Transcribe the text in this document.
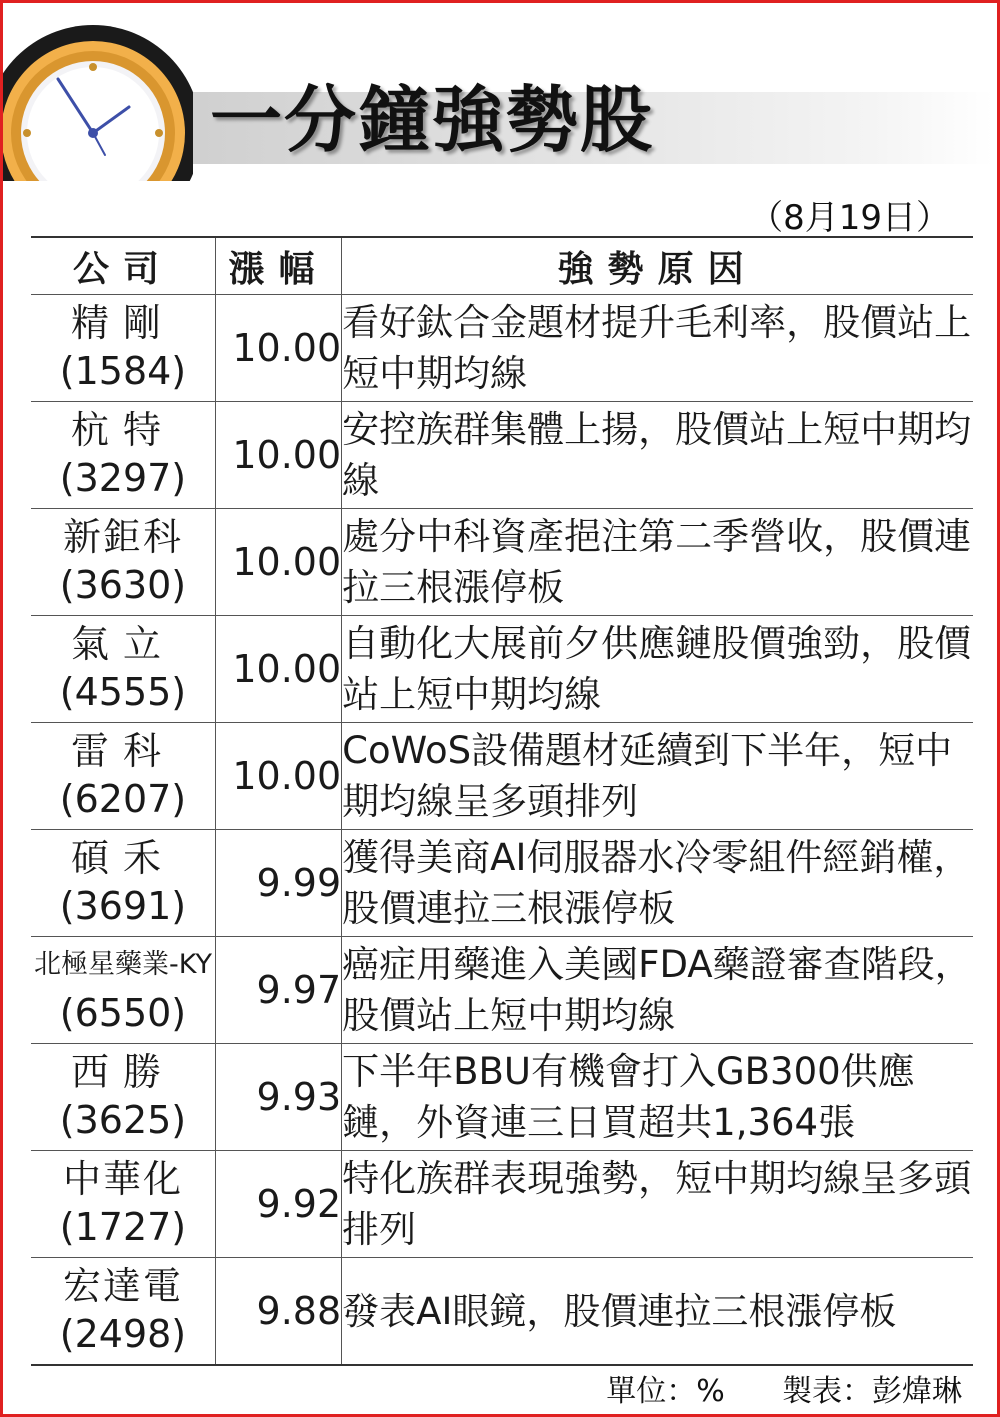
一分鐘強勢股
（8月19日）
公司	漲幅	強勢原因

精剛
(1584)	10.00	看好鈦合金題材提升毛利率，股價站上短中期均線

杭特
(3297)	10.00	安控族群集體上揚，股價站上短中期均線

新鉅科
(3630)	10.00	處分中科資產挹注第二季營收，股價連拉三根漲停板

氣立
(4555)	10.00	自動化大展前夕供應鏈股價強勁，股價站上短中期均線

雷科
(6207)	10.00	CoWoS設備題材延續到下半年，短中期均線呈多頭排列

碩禾
(3691)	9.99	獲得美商AI伺服器水冷零組件經銷權，股價連拉三根漲停板

北極星藥業-KY
(6550)	9.97	癌症用藥進入美國FDA藥證審查階段，股價站上短中期均線

西勝
(3625)	9.93	下半年BBU有機會打入GB300供應鏈，外資連三日買超共1,364張

中華化
(1727)	9.92	特化族群表現強勢，短中期均線呈多頭排列

宏達電
(2498)	9.88	發表AI眼鏡，股價連拉三根漲停板
單位：% 製表：彭煒琳
